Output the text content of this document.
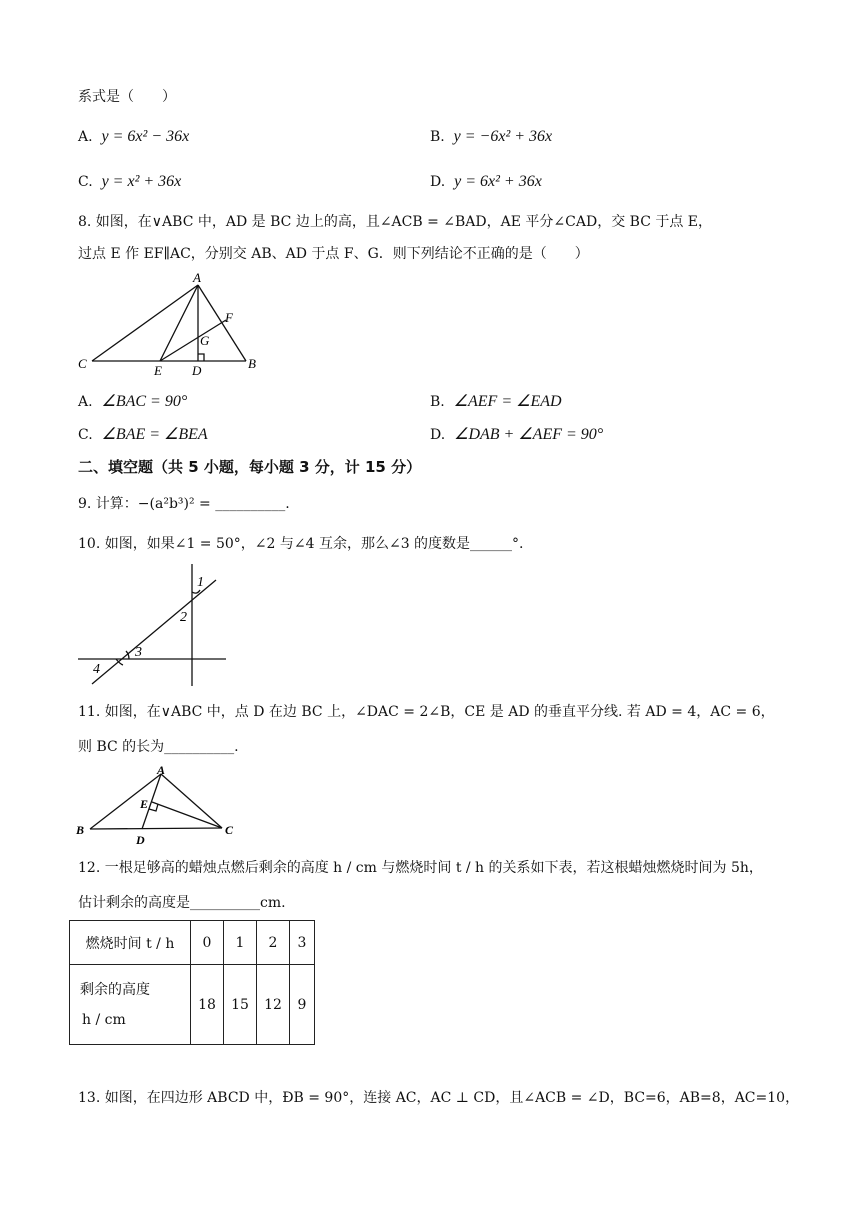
系式是（　　）
A. y = 6x² − 36x	B. y = −6x² + 36x
C. y = x² + 36x	D. y = 6x² + 36x
8. 如图，在∨ABC 中，AD 是 BC 边上的高，且∠ACB = ∠BAD，AE 平分∠CAD，交 BC 于点 E，
过点 E 作 EF∥AC，分别交 AB、AD 于点 F、G．则下列结论不正确的是（　　）
A
F
G
C	E D	B
A. ∠BAC = 90°	B. ∠AEF = ∠EAD
C. ∠BAE = ∠BEA	D. ∠DAB + ∠AEF = 90°
二、填空题（共 5 小题，每小题 3 分，计 15 分）
9. 计算：−(a²b³)² = __________.
10. 如图，如果∠1 = 50°，∠2 与∠4 互余，那么∠3 的度数是______°.
1
2
3
4
11. 如图，在∨ABC 中，点 D 在边 BC 上，∠DAC = 2∠B，CE 是 AD 的垂直平分线. 若 AD = 4，AC = 6，
则 BC 的长为__________.
A
E
B
D
C
12. 一根足够高的蜡烛点燃后剩余的高度 h / cm 与燃烧时间 t / h 的关系如下表，若这根蜡烛燃烧时间为 5h，
估计剩余的高度是__________cm.
燃烧时间 t / h	0	1	2	3

剩余的高度
h / cm	18	15	12	9
13. 如图，在四边形 ABCD 中，ÐB = 90°，连接 AC，AC ⊥ CD，且∠ACB = ∠D，BC=6，AB=8，AC=10，
